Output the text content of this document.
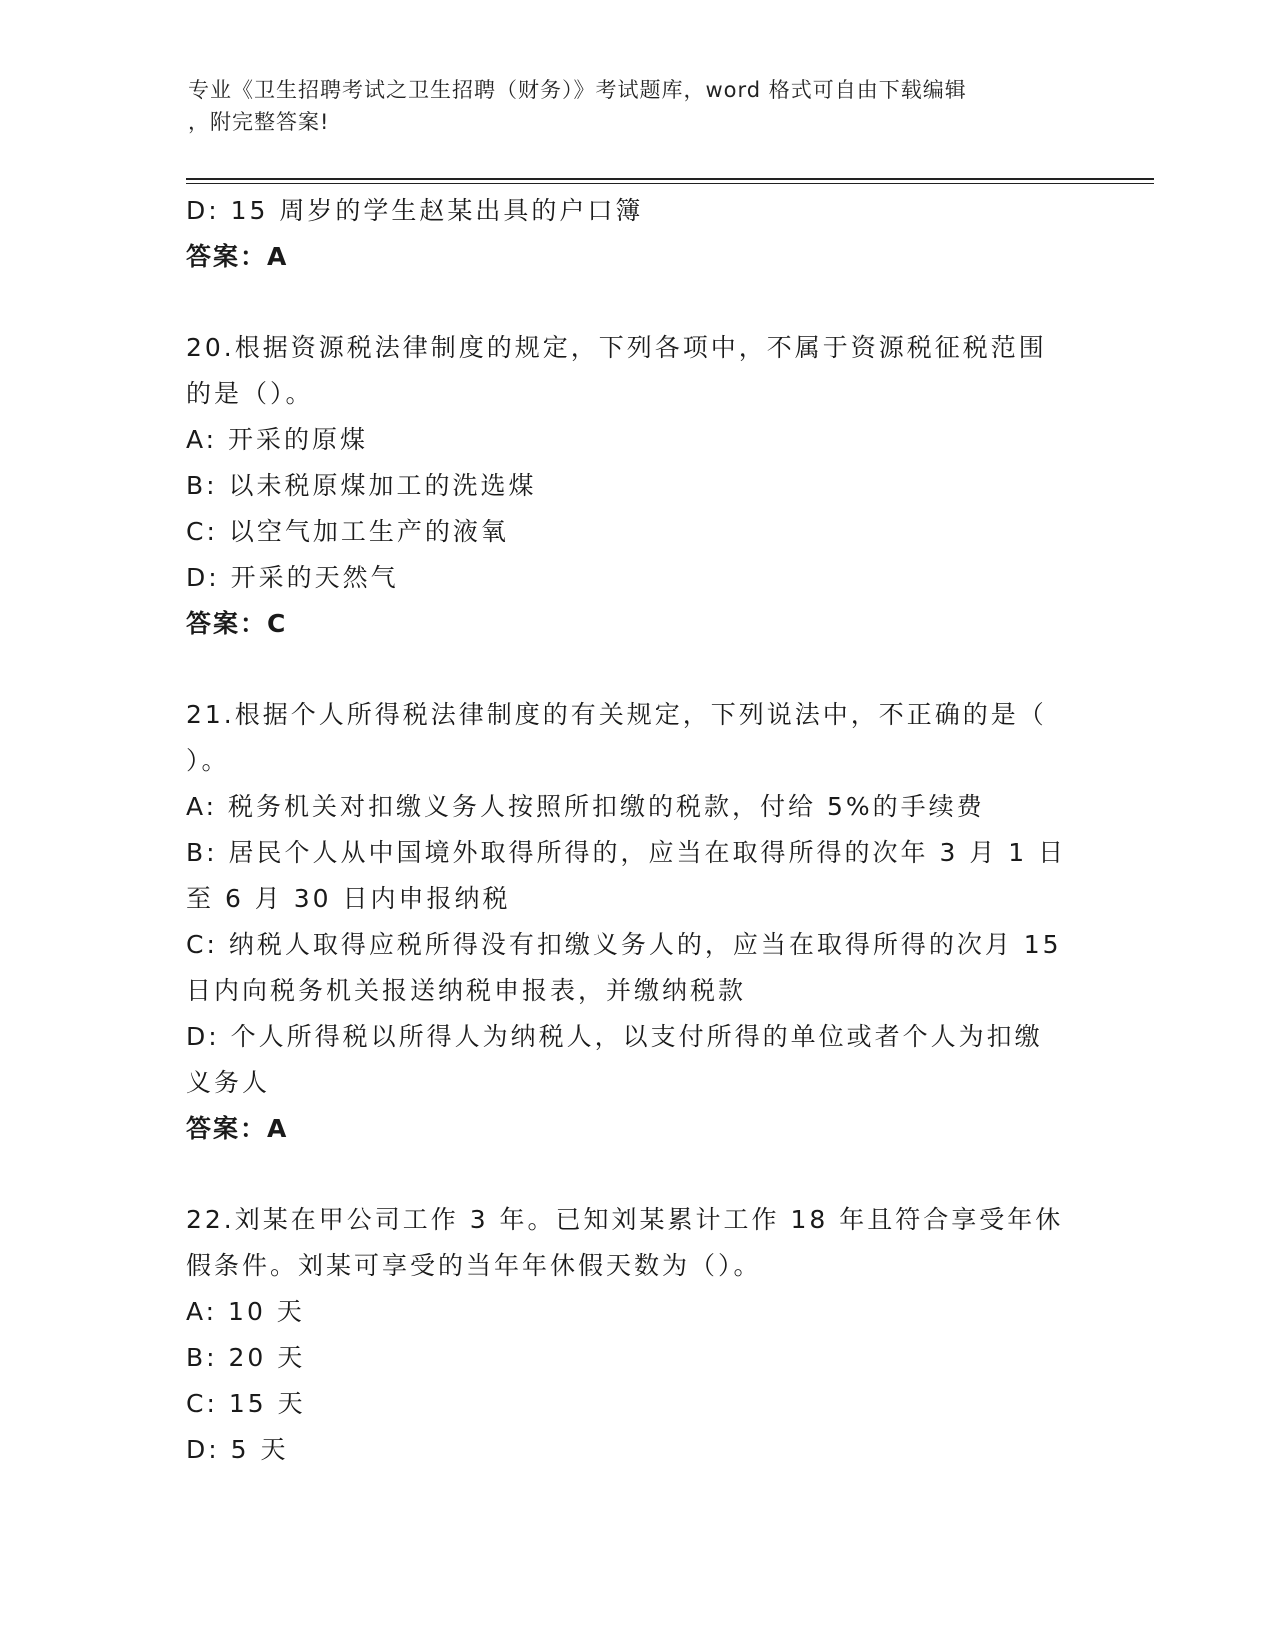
专业《卫生招聘考试之卫生招聘（财务）》考试题库，word 格式可自由下载编辑
，附完整答案!
D: 15 周岁的学生赵某出具的户口簿
答案：A
20.根据资源税法律制度的规定，下列各项中，不属于资源税征税范围
的是（）。
A: 开采的原煤
B: 以未税原煤加工的洗选煤
C: 以空气加工生产的液氧
D: 开采的天然气
答案：C
21.根据个人所得税法律制度的有关规定，下列说法中，不正确的是（
）。
A: 税务机关对扣缴义务人按照所扣缴的税款，付给 5%的手续费
B: 居民个人从中国境外取得所得的，应当在取得所得的次年 3 月 1 日
至 6 月 30 日内申报纳税
C: 纳税人取得应税所得没有扣缴义务人的，应当在取得所得的次月 15
日内向税务机关报送纳税申报表，并缴纳税款
D: 个人所得税以所得人为纳税人，以支付所得的单位或者个人为扣缴
义务人
答案：A
22.刘某在甲公司工作 3 年。已知刘某累计工作 18 年且符合享受年休
假条件。刘某可享受的当年年休假天数为（）。
A: 10 天
B: 20 天
C: 15 天
D: 5 天
